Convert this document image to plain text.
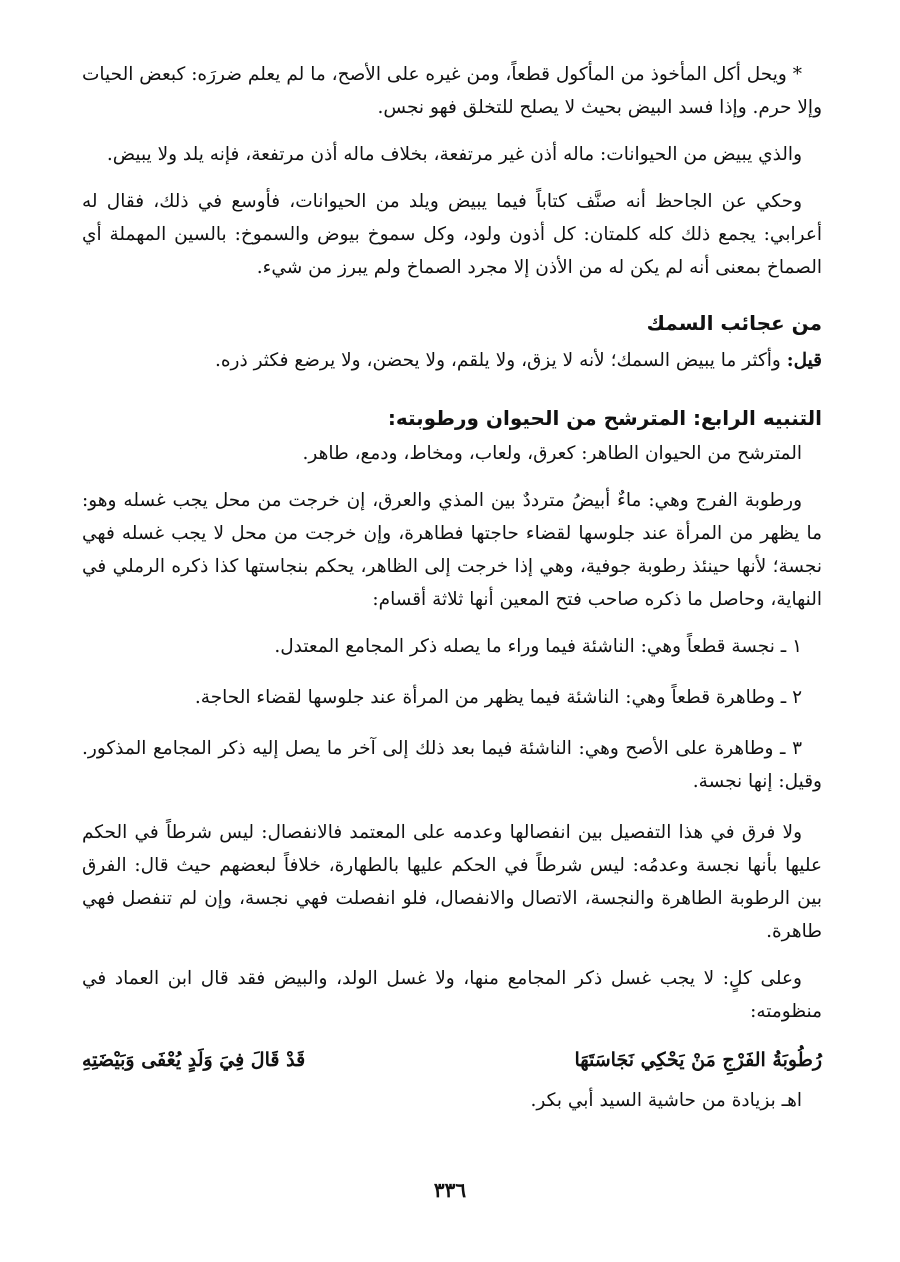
* ويحل أكل المأخوذ من المأكول قطعاً، ومن غيره على الأصح، ما لم يعلم ضررَه: كبعض الحيات وإلا حرم. وإذا فسد البيض بحيث لا يصلح للتخلق فهو نجس.

والذي يبيض من الحيوانات: ماله أذن غير مرتفعة، بخلاف ماله أذن مرتفعة، فإنه يلد ولا يبيض.

وحكي عن الجاحظ أنه صنَّف كتاباً فيما يبيض ويلد من الحيوانات، فأوسع في ذلك، فقال له أعرابي: يجمع ذلك كله كلمتان: كل أذون ولود، وكل سموخ بيوض والسموخ: بالسين المهملة أي الصماخ بمعنى أنه لم يكن له من الأذن إلا مجرد الصماخ ولم يبرز من شيء.

من عجائب السمك

قيل: وأكثر ما يبيض السمك؛ لأنه لا يزق، ولا يلقم، ولا يحضن، ولا يرضع فكثر ذره.

التنبيه الرابع: المترشح من الحيوان ورطوبته:

المترشح من الحيوان الطاهر: كعرق، ولعاب، ومخاط، ودمع، طاهر.

ورطوبة الفرج وهي: ماءٌ أبيضُ مترددٌ بين المذي والعرق، إن خرجت من محل يجب غسله وهو: ما يظهر من المرأة عند جلوسها لقضاء حاجتها فطاهرة، وإن خرجت من محل لا يجب غسله فهي نجسة؛ لأنها حينئذ رطوبة جوفية، وهي إذا خرجت إلى الظاهر، يحكم بنجاستها كذا ذكره الرملي في النهاية، وحاصل ما ذكره صاحب فتح المعين أنها ثلاثة أقسام:

١ ـ نجسة قطعاً وهي: الناشئة فيما وراء ما يصله ذكر المجامع المعتدل.

٢ ـ وطاهرة قطعاً وهي: الناشئة فيما يظهر من المرأة عند جلوسها لقضاء الحاجة.

٣ ـ وطاهرة على الأصح وهي: الناشئة فيما بعد ذلك إلى آخر ما يصل إليه ذكر المجامع المذكور. وقيل: إنها نجسة.

ولا فرق في هذا التفصيل بين انفصالها وعدمه على المعتمد فالانفصال: ليس شرطاً في الحكم عليها بأنها نجسة وعدمُه: ليس شرطاً في الحكم عليها بالطهارة، خلافاً لبعضهم حيث قال: الفرق بين الرطوبة الطاهرة والنجسة، الاتصال والانفصال، فلو انفصلت فهي نجسة، وإن لم تنفصل فهي طاهرة.

وعلى كلٍ: لا يجب غسل ذكر المجامع منها، ولا غسل الولد، والبيض فقد قال ابن العماد في منظومته:

رُطُوبَةُ الفَرْجِ مَنْ يَحْكِي نَجَاسَتَهَا
قَدْ قَالَ فِيَ وَلَدٍ يُعْفَى وَبَيْضَتِهِ

اهـ بزيادة من حاشية السيد أبي بكر.

٣٣٦
